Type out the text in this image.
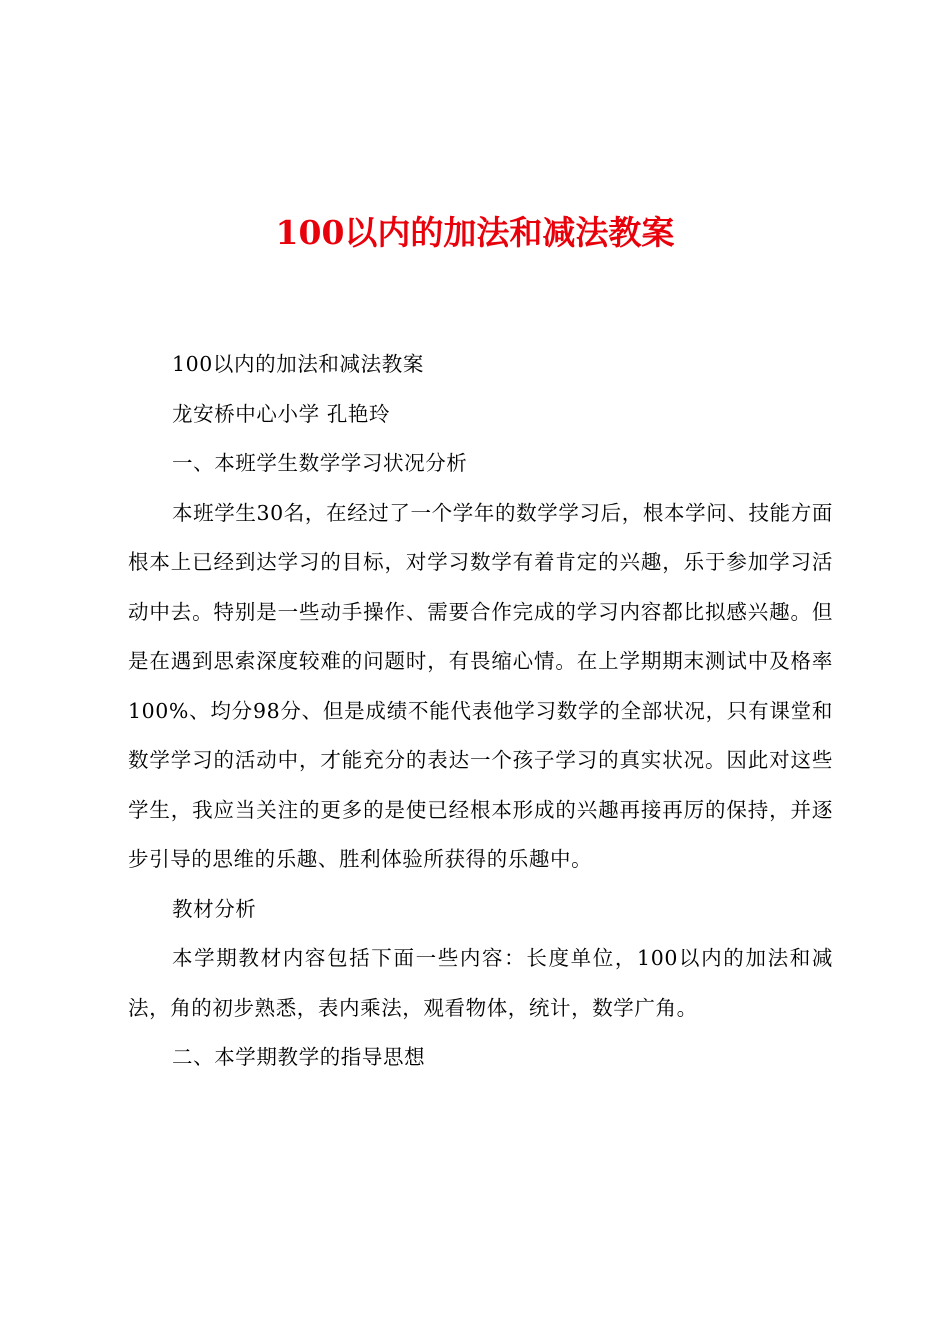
100以内的加法和减法教案

100以内的加法和减法教案

龙安桥中心小学 孔艳玲

一、本班学生数学学习状况分析

本班学生30名，在经过了一个学年的数学学习后，根本学问、技能方面根本上已经到达学习的目标，对学习数学有着肯定的兴趣，乐于参加学习活动中去。特别是一些动手操作、需要合作完成的学习内容都比拟感兴趣。但是在遇到思索深度较难的问题时，有畏缩心情。在上学期期末测试中及格率100%、均分98分、但是成绩不能代表他学习数学的全部状况，只有课堂和数学学习的活动中，才能充分的表达一个孩子学习的真实状况。因此对这些学生，我应当关注的更多的是使已经根本形成的兴趣再接再厉的保持，并逐步引导的思维的乐趣、胜利体验所获得的乐趣中。

教材分析

本学期教材内容包括下面一些内容：长度单位，100以内的加法和减法，角的初步熟悉，表内乘法，观看物体，统计，数学广角。

二、本学期教学的指导思想
